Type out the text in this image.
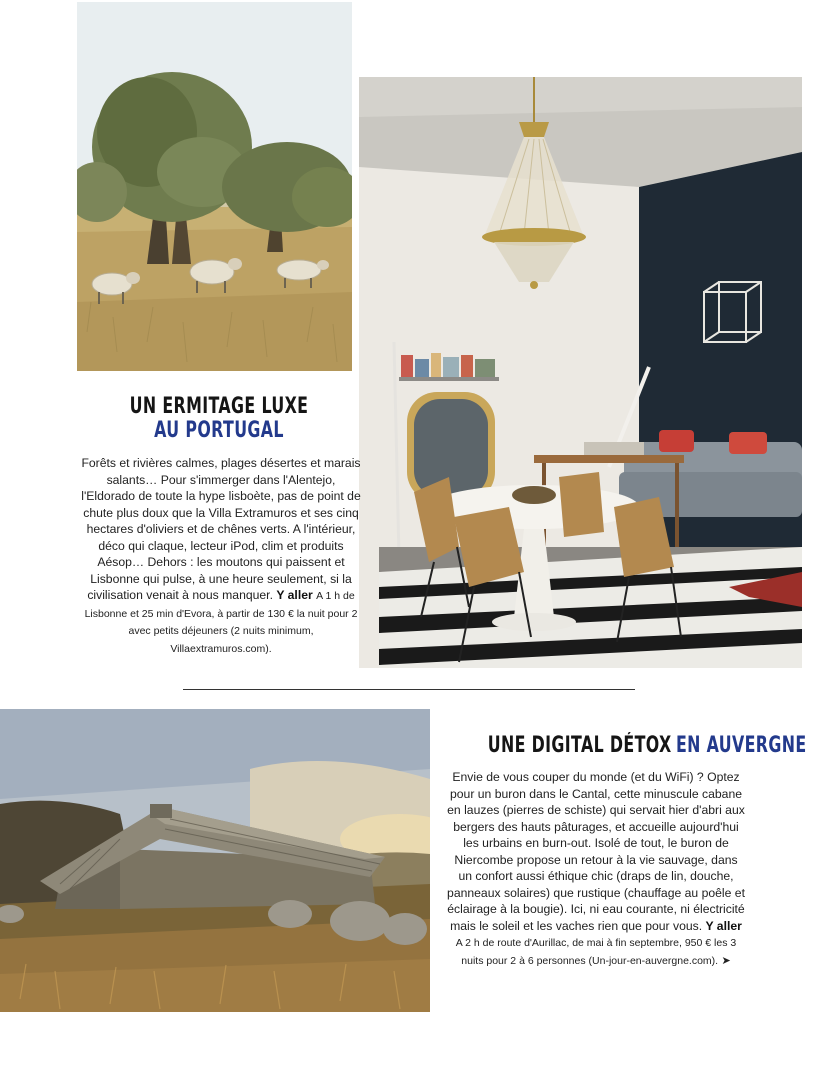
UN ERMITAGE LUXE
AU PORTUGAL
Forêts et rivières calmes, plages désertes et marais salants… Pour s'immerger dans l'Alentejo, l'Eldorado de toute la hype lisboète, pas de point de chute plus doux que la Villa Extramuros et ses cinq hectares d'oliviers et de chênes verts. A l'intérieur, déco qui claque, lecteur iPod, clim et produits Aésop… Dehors : les moutons qui paissent et Lisbonne qui pulse, à une heure seulement, si la civilisation venait à nous manquer. Y aller A 1 h de Lisbonne et 25 min d'Evora, à partir de 130 € la nuit pour 2 avec petits déjeuners (2 nuits minimum, Villaextramuros.com).
UNE DIGITAL DÉTOX EN AUVERGNE
Envie de vous couper du monde (et du WiFi) ? Optez pour un buron dans le Cantal, cette minuscule cabane en lauzes (pierres de schiste) qui servait hier d'abri aux bergers des hauts pâturages, et accueille aujourd'hui les urbains en burn-out. Isolé de tout, le buron de Niercombe propose un retour à la vie sauvage, dans un confort aussi éthique chic (draps de lin, douche, panneaux solaires) que rustique (chauffage au poêle et éclairage à la bougie). Ici, ni eau courante, ni électricité mais le soleil et les vaches rien que pour vous. Y aller A 2 h de route d'Aurillac, de mai à fin septembre, 950 € les 3 nuits pour 2 à 6 personnes (Un-jour-en-auvergne.com). ➤
